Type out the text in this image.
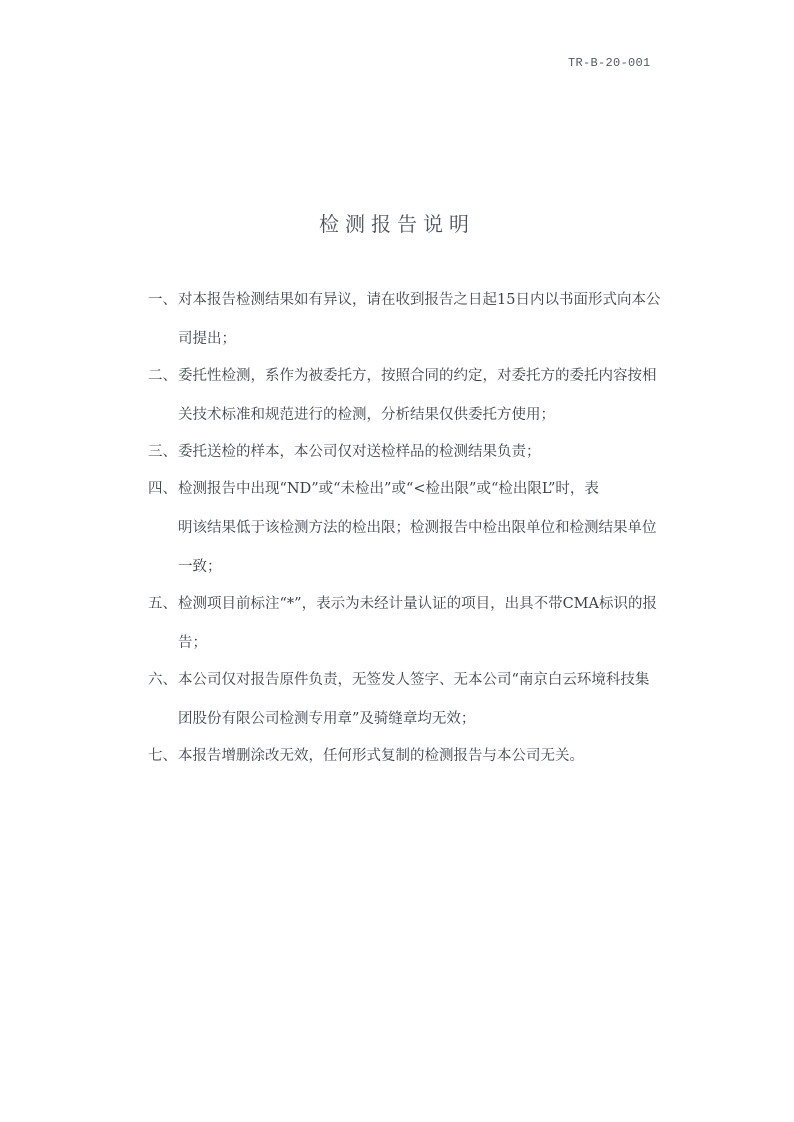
TR-B-20-001
检测报告说明
一、 对本报告检测结果如有异议，请在收到报告之日起15日内以书面形式向本公
司提出；
二、 委托性检测，系作为被委托方，按照合同的约定，对委托方的委托内容按相
关技术标准和规范进行的检测，分析结果仅供委托方使用；
三、 委托送检的样本，本公司仅对送检样品的检测结果负责；
四、 检测报告中出现“ND”或“未检出”或“<检出限”或“检出限L”时，表
明该结果低于该检测方法的检出限；检测报告中检出限单位和检测结果单位
一致；
五、 检测项目前标注“*”，表示为未经计量认证的项目，出具不带CMA标识的报
告；
六、 本公司仅对报告原件负责，无签发人签字、无本公司“南京白云环境科技集
团股份有限公司检测专用章”及骑缝章均无效；
七、 本报告增删涂改无效，任何形式复制的检测报告与本公司无关。
